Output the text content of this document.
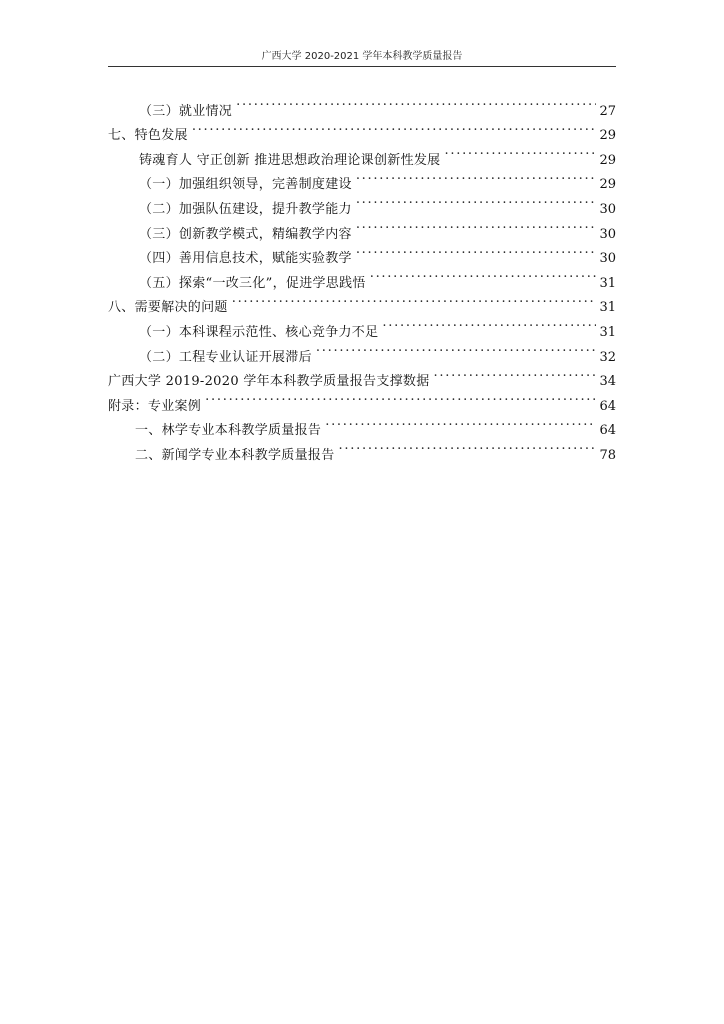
广西大学 2020-2021 学年本科教学质量报告
（三）就业情况 . . .	27
七、特色发展 . . .	29
铸魂育人 守正创新 推进思想政治理论课创新性发展 . . .	29
（一）加强组织领导，完善制度建设 . . .	29
（二）加强队伍建设，提升教学能力 . . .	30
（三）创新教学模式，精编教学内容 . . .	30
（四）善用信息技术，赋能实验教学 . . .	30
（五）探索“一改三化”，促进学思践悟 . . .	31
八、需要解决的问题 . . .	31
（一）本科课程示范性、核心竞争力不足 . . .	31
（二）工程专业认证开展滞后 . . .	32
广西大学 2019-2020 学年本科教学质量报告支撑数据 . . .	34
附录：专业案例 . . .	64
一、林学专业本科教学质量报告 . . .	64
二、新闻学专业本科教学质量报告 . . .	78
